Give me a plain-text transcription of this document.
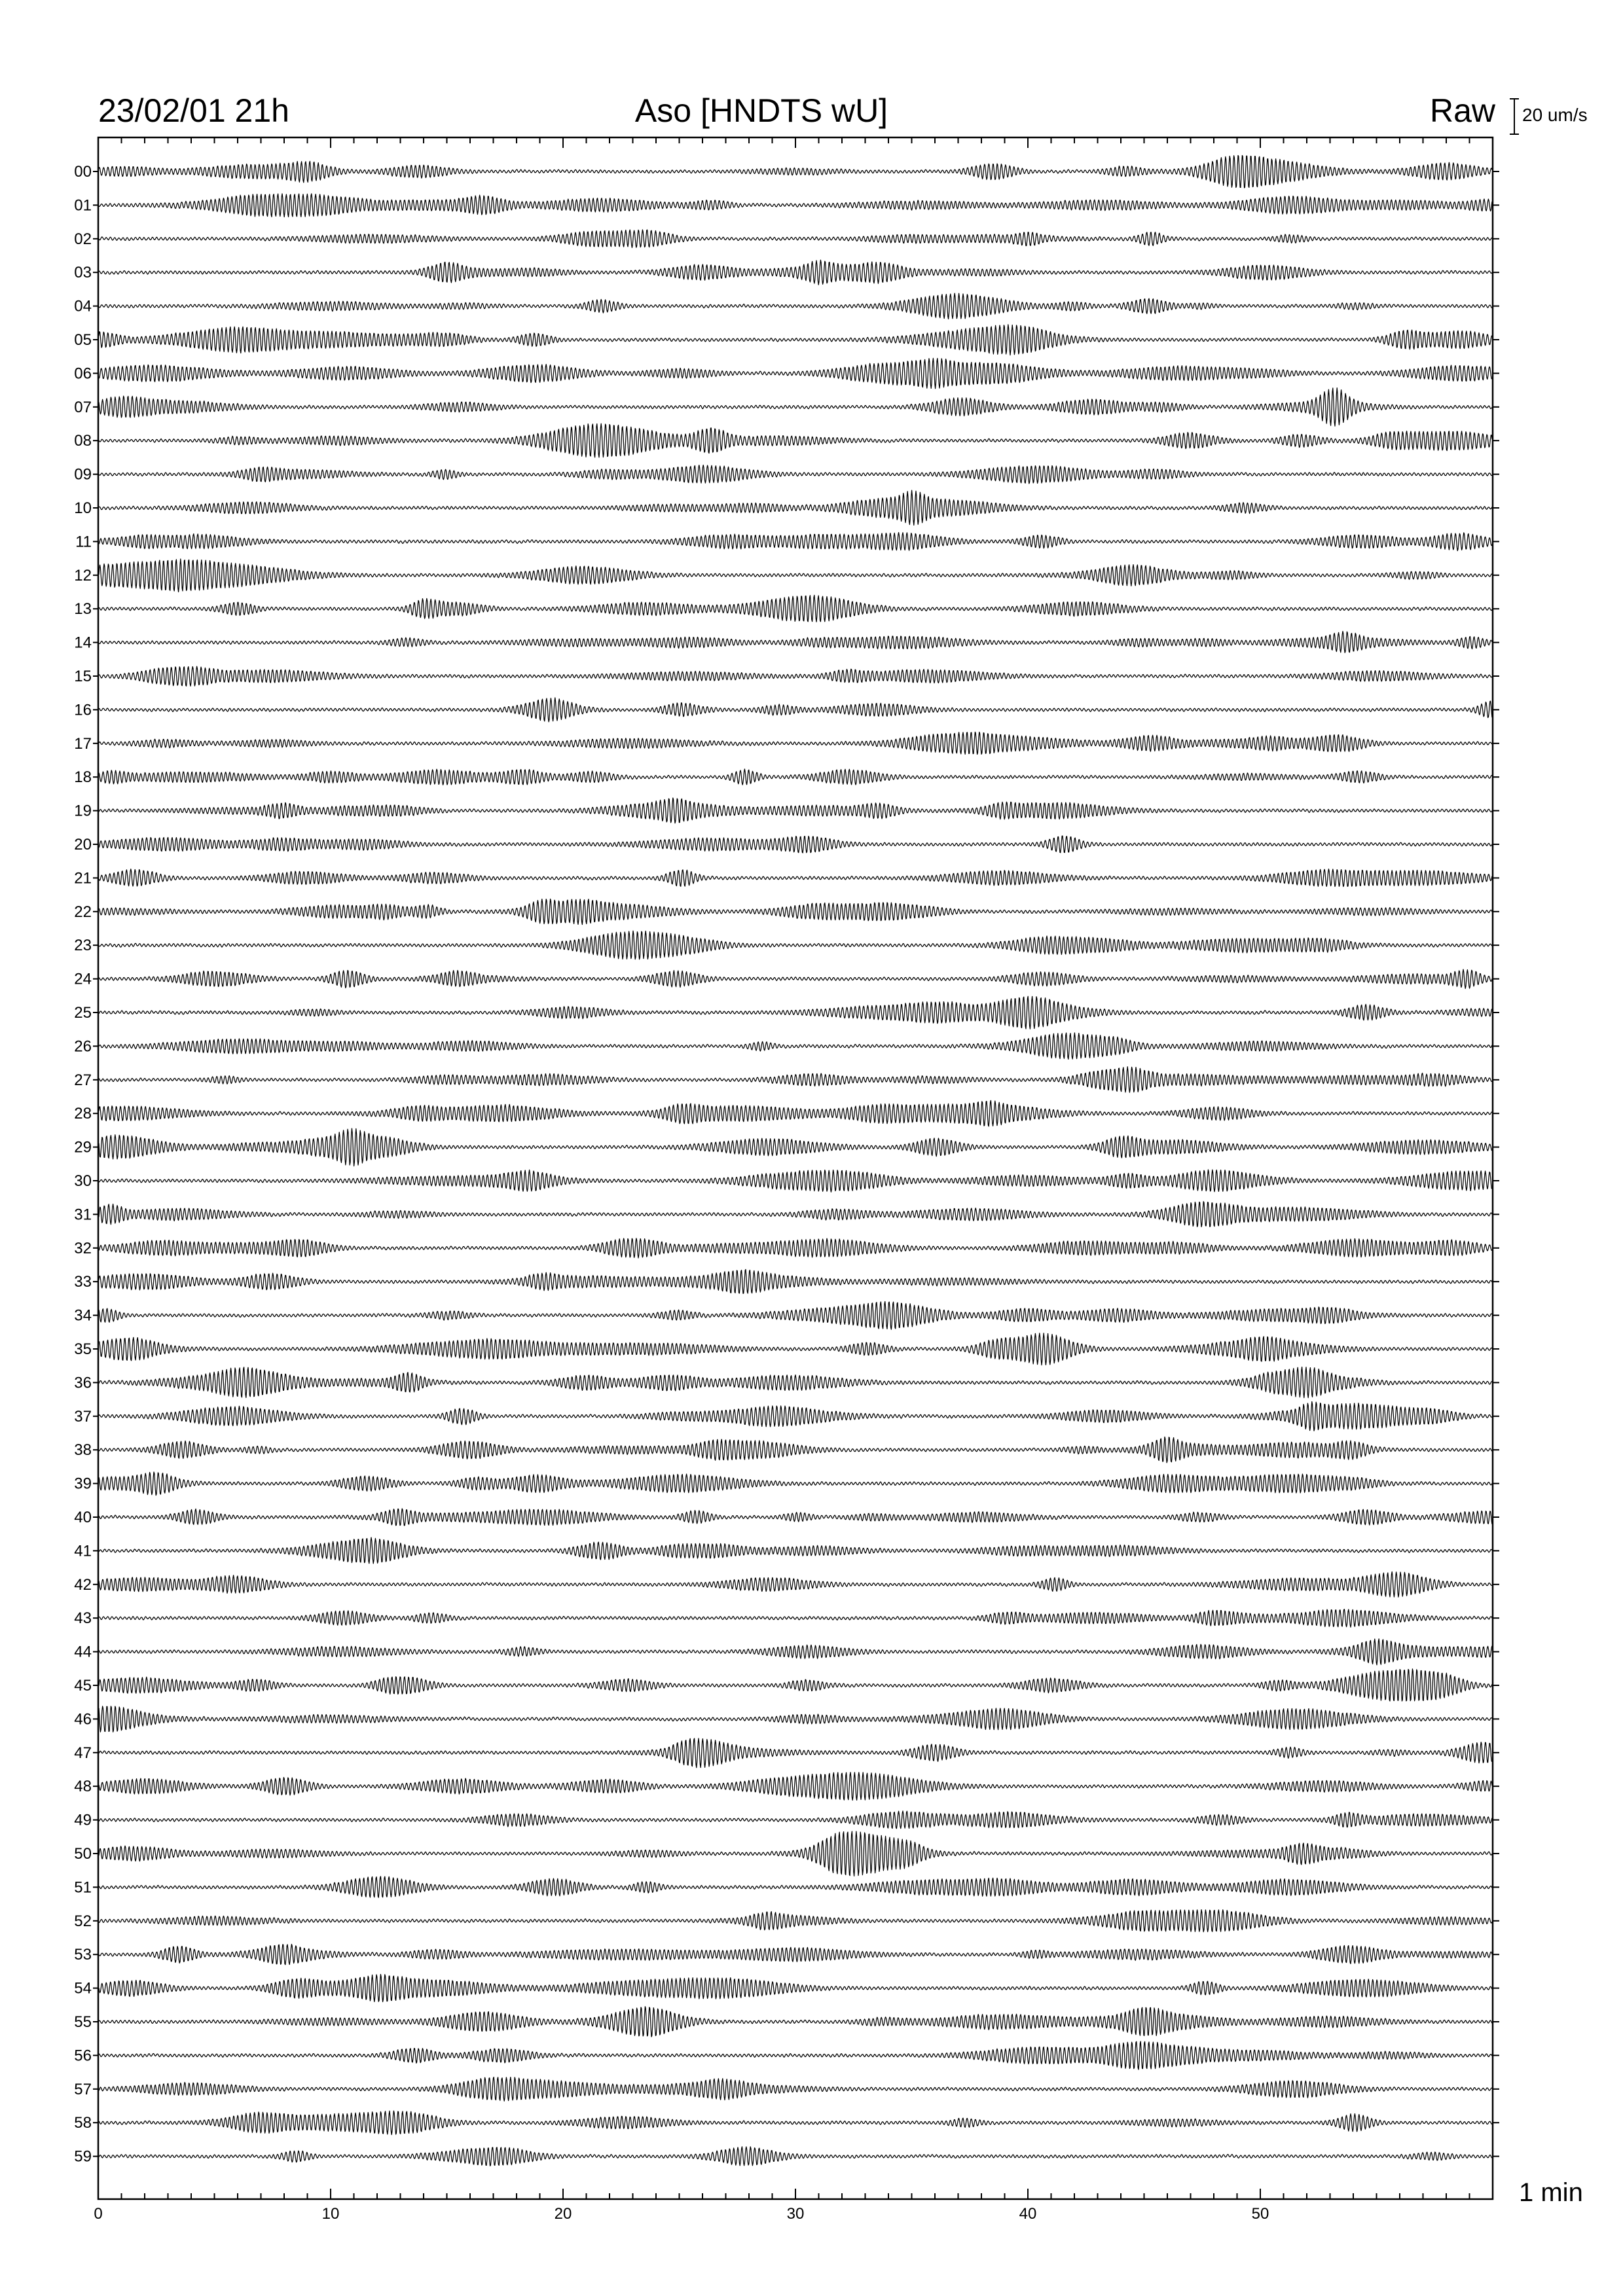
23/02/01 21h	Aso [HNDTS wU]	Raw 20 um/s
1 min
0	10	20	30	40	50
00
01
02
03
04
05
06
07
08
09
10
11
12
13
14
15
16
17
18
19
20
21
22
23
24
25
26
27
28
29
30
31
32
33
34
35
36
37
38
39
40
41
42
43
44
45
46
47
48
49
50
51
52
53
54
55
56
57
58
59
